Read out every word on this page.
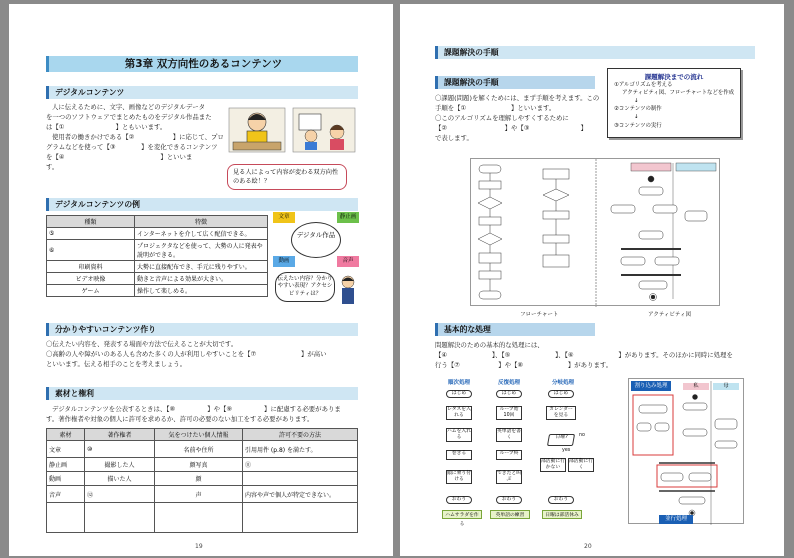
第3章 双方向性のあるコンテンツ
デジタルコンテンツ
人に伝えるために、文字、画像などのデジタルデータ
を一つのソフトウェアでまとめたものをデジタル作品また
は【①　　　　　　　　】ともいいます。
使用者の働きかけである【②　　　　　　】に応じて、プロ
グラムなどを使って【③　　　　】を変化できるコンテンツ
を【④　　　　　　　　　　　　　　　】といいま
す。
見る人によって内容が変わる双方向性のある絵！？
デジタルコンテンツの例
種類	特徴
⑤	インターネットを介して広く配信できる。
⑥	プロジェクタなどを使って、大勢の人に発表や説明ができる。
印刷資料	大勢に直接配布でき、手元に残りやすい。
ビデオ映像	動きと音声による効果が大きい。
ゲーム	操作して楽しめる。
デジタル作品
文章	静止画
動画	音声
伝えたい内容？分かりやすい表現？アクセシビリティは？
分かりやすいコンテンツ作り
〇伝えたい内容を、発表する場面や方法で伝えることが大切です。
〇高齢の人や障がいのある人も含めた多くの人が利用しやすいことを【⑦　　　　　　　】が高い
といいます。伝える相手のことを考えましょう。
素材と権利
デジタルコンテンツを公表するときは、【⑧　　　　　】や【⑨　　　　　】に配慮する必要がありま
す。著作権者や対象の個人に許可を求めるか、許可の必要のない加工をする必要があります。
素材	著作権者	気をつけたい個人情報	許可不要の方法
文章	⑩	名前や住所	引用用件 (p.8) を満たす。
静止画	撮影した人	顔写真	⑪
動画	描いた人	顔	
音声	⑫	声	内容や声で個人が特定できない。

19
課題解決の手順
課題解決の手順
〇課題(問題)を解くためには、まず手順を考えます。この
手順を【①　　　　　　　】といいます。
〇このアルゴリズムを理解しやすくするために
【②　　　　　　　　　】や【③　　　　　　　　】
で表します。
課題解決までの流れ
①アルゴリズムを考える
アクティビティ図、フローチャートなどを作成
↓
②コンテンツの制作
↓
③コンテンツの実行
フローチャート	アクティビティ図
基本的な処理
問題解決のための基本的な処理には、
【④　　　　　　　】、【⑤　　　　　　　】、【⑥　　　　　　　】があります。そのほかに同時に処理を
行う【⑦　　　　　　】や【⑧　　　　　　　】があります。
順次処理	反復処理	分岐処理
はじめ
レタスを入れる
ハムを入れる
巻きる
頭に乗り付ける
おわり
はじめ
ループ始10回
英単語を書く
ループ終
できたと叫ぶ
おわり
はじめ
カレンダーを見る
日曜?	no
yes
部活動に行かない
部活動に行く
おわり
ハムサラダを作る
英単語の練習	日曜は部活休み
割り込み処理	私	母
並行処理
20
